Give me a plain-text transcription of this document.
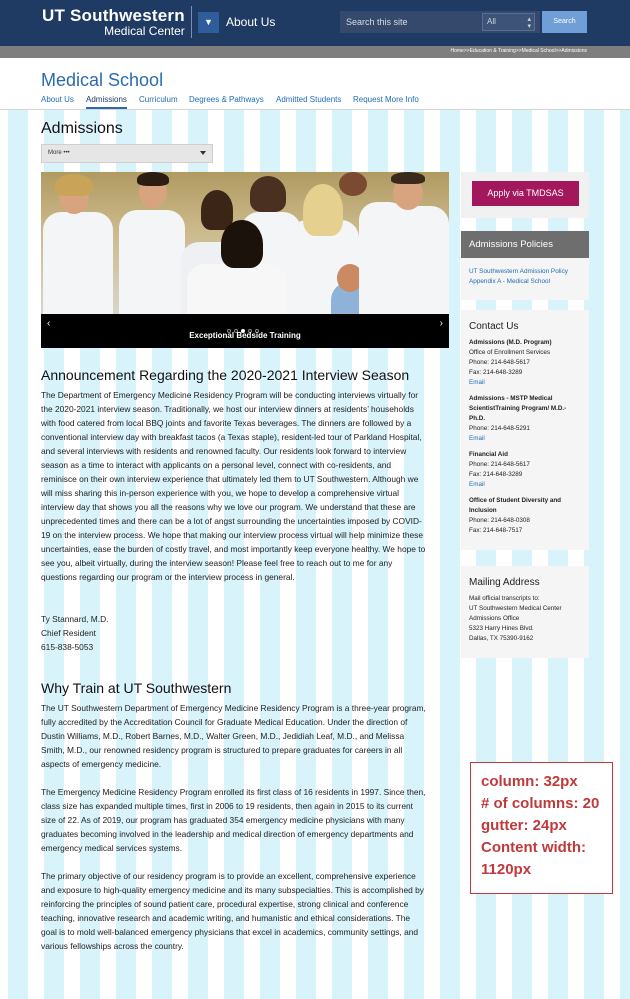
UT Southwestern
Medical Center
▼	About Us	Search this site	All	▴
▾
Search
Home>>Education & Training>>Medical School>>Admissions
Medical School
About Us Admissions Curriculum Degrees & Pathways Admitted Students Request More Info
Admissions
More •••
‹	›
Exceptional Bedside Training
Announcement Regarding the 2020-2021 Interview Season
The Department of Emergency Medicine Residency Program will be conducting interviews virtually for the 2020-2021 interview season. Traditionally, we host our interview dinners at residents’ households with food catered from local BBQ joints and favorite Texas beverages. The dinners are followed by a conventional interview day with breakfast tacos (a Texas staple), resident-led tour of Parkland Hospital, and several interviews with residents and renowned faculty. Our residents look forward to interview season as a time to interact with applicants on a personal level, connect with co-residents, and reminisce on their own interview experience that ultimately led them to UT Southwestern. Although we will miss sharing this in-person experience with you, we hope to develop a comprehensive virtual interview day that shows you all the reasons why we love our program. We understand that these are unprecedented times and there can be a lot of angst surrounding the uncertainties imposed by COVID-19 on the interview process. We hope that making our interview process virtual will help minimize these uncertainties, ease the burden of costly travel, and most importantly keep everyone healthy. We hope to see you, albeit virtually, during the interview season! Please feel free to reach out to me for any questions regarding our program or the interview process in general.
Ty Stannard, M.D.
Chief Resident
615-838-5053
Why Train at UT Southwestern
The UT Southwestern Department of Emergency Medicine Residency Program is a three-year program, fully accredited by the Accreditation Council for Graduate Medical Education. Under the direction of Dustin Williams, M.D., Robert Barnes, M.D., Walter Green, M.D., Jedidiah Leaf, M.D., and Melissa Smith, M.D., our renowned residency program is structured to prepare graduates for careers in all aspects of emergency medicine.
The Emergency Medicine Residency Program enrolled its first class of 16 residents in 1997. Since then, class size has expanded multiple times, first in 2006 to 19 residents, then again in 2015 to its current size of 22. As of 2019, our program has graduated 354 emergency medicine physicians with many graduates becoming involved in the leadership and medical direction of emergency departments and emergency medical services systems.
The primary objective of our residency program is to provide an excellent, comprehensive experience and exposure to high-quality emergency medicine and its many subspecialties. This is accomplished by reinforcing the principles of sound patient care, procedural expertise, strong clinical and conference teaching, innovative research and academic writing, and humanistic and ethical considerations. The goal is to mold well-balanced emergency physicians that excel in academics, community settings, and various fellowships across the country.
Apply via TMDSAS
Admissions Policies
UT Southwestern Admission Policy
Appendix A - Medical School
Contact Us
Admissions (M.D. Program)
Office of Enrollment Services
Phone: 214-648-5617
Fax: 214-648-3289
Email
Admissions - MSTP Medical ScientistTraining Program/ M.D.-Ph.D.
Phone: 214-648-5291
Email
Financial Aid
Phone: 214-648-5617
Fax: 214-648-3289
Email
Office of Student Diversity and Inclusion
Phone: 214-648-0308
Fax: 214-648-7517
Mailing Address
Mail official transcripts to:
UT Southwestern Medical Center
Admissions Office
5323 Harry Hines Blvd.
Dallas, TX 75390-9162
column: 32px
# of columns: 20
gutter: 24px
Content width:
1120px
